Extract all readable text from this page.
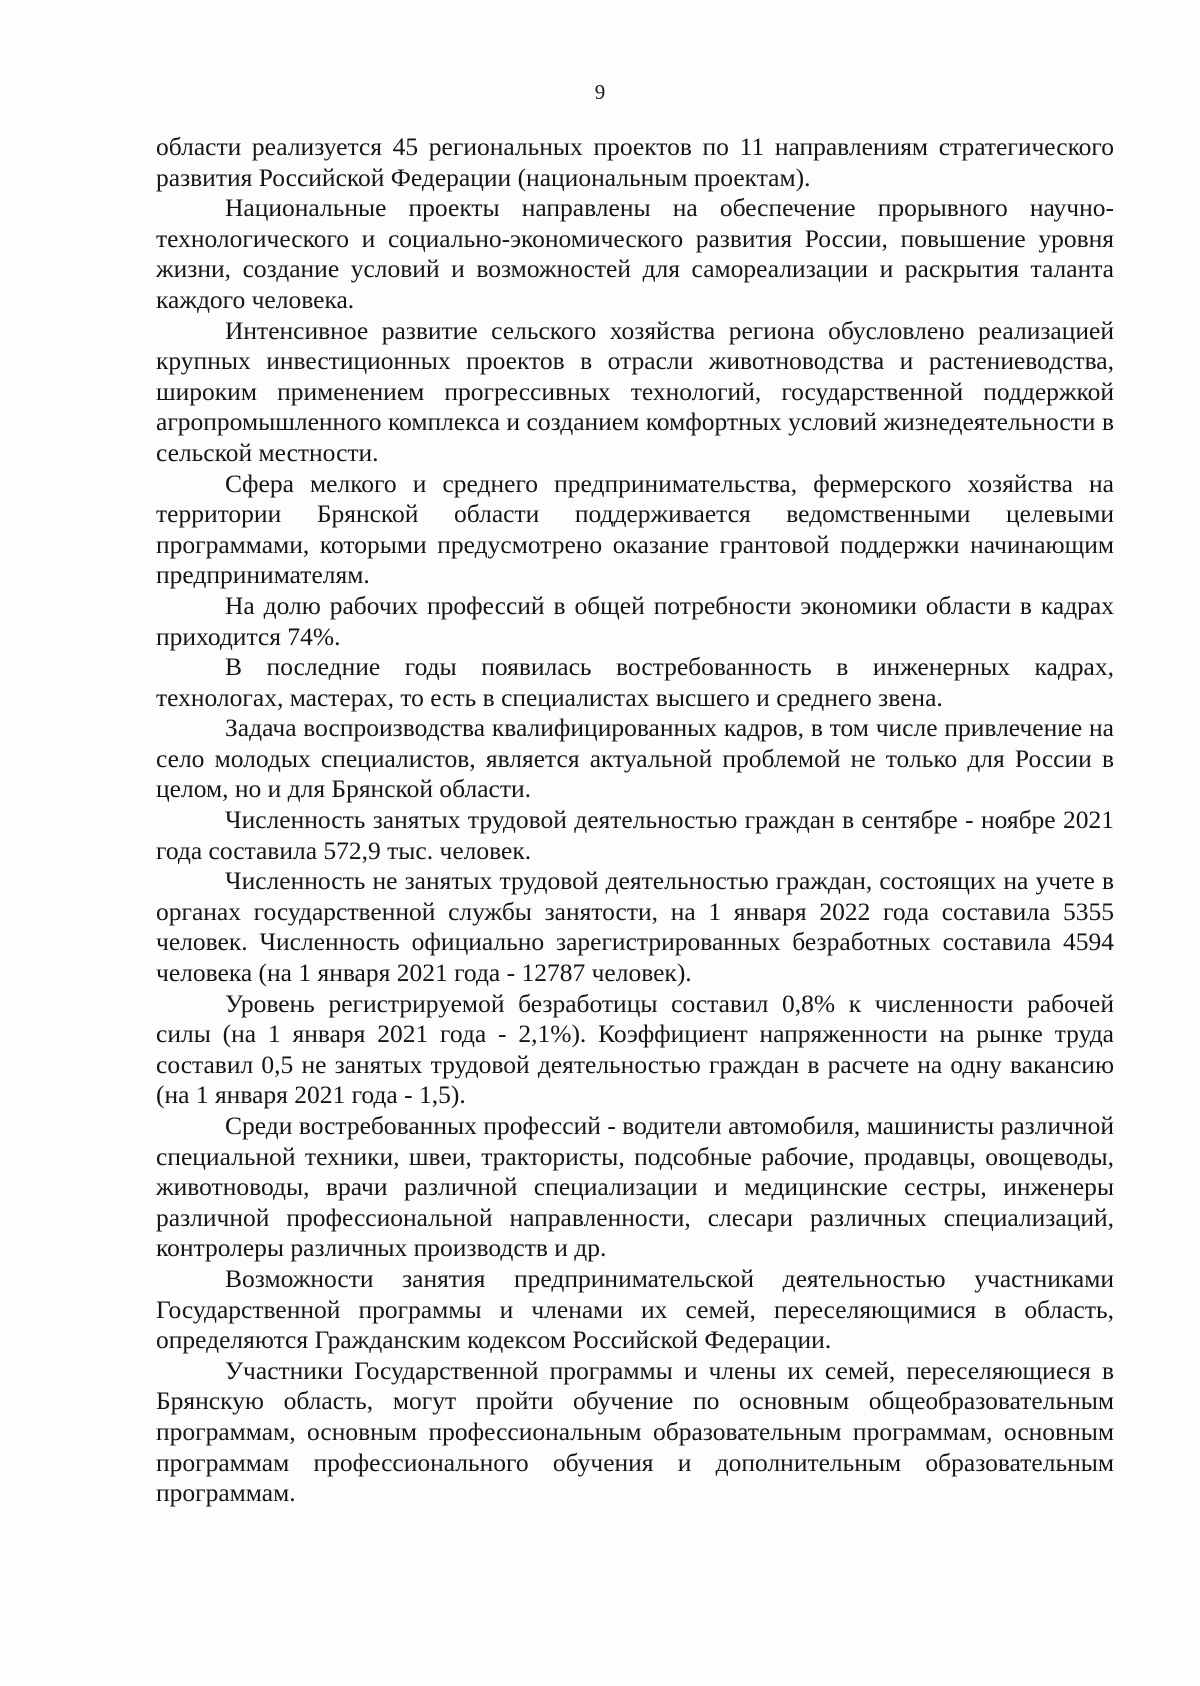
9

области реализуется 45 региональных проектов по 11 направлениям стратегического развития Российской Федерации (национальным проектам).

Национальные проекты направлены на обеспечение прорывного научно-технологического и социально-экономического развития России, повышение уровня жизни, создание условий и возможностей для самореализации и раскрытия таланта каждого человека.

Интенсивное развитие сельского хозяйства региона обусловлено реализацией крупных инвестиционных проектов в отрасли животноводства и растениеводства, широким применением прогрессивных технологий, государственной поддержкой агропромышленного комплекса и созданием комфортных условий жизнедеятельности в сельской местности.

Сфера мелкого и среднего предпринимательства, фермерского хозяйства на территории Брянской области поддерживается ведомственными целевыми программами, которыми предусмотрено оказание грантовой поддержки начинающим предпринимателям.

На долю рабочих профессий в общей потребности экономики области в кадрах приходится 74%.

В последние годы появилась востребованность в инженерных кадрах, технологах, мастерах, то есть в специалистах высшего и среднего звена.

Задача воспроизводства квалифицированных кадров, в том числе привлечение на село молодых специалистов, является актуальной проблемой не только для России в целом, но и для Брянской области.

Численность занятых трудовой деятельностью граждан в сентябре - ноябре 2021 года составила 572,9 тыс. человек.

Численность не занятых трудовой деятельностью граждан, состоящих на учете в органах государственной службы занятости, на 1 января 2022 года составила 5355 человек. Численность официально зарегистрированных безработных составила 4594 человека (на 1 января 2021 года - 12787 человек).

Уровень регистрируемой безработицы составил 0,8% к численности рабочей силы (на 1 января 2021 года - 2,1%). Коэффициент напряженности на рынке труда составил 0,5 не занятых трудовой деятельностью граждан в расчете на одну вакансию (на 1 января 2021 года - 1,5).

Среди востребованных профессий - водители автомобиля, машинисты различной специальной техники, швеи, трактористы, подсобные рабочие, продавцы, овощеводы, животноводы, врачи различной специализации и медицинские сестры, инженеры различной профессиональной направленности, слесари различных специализаций, контролеры различных производств и др.

Возможности занятия предпринимательской деятельностью участниками Государственной программы и членами их семей, переселяющимися в область, определяются Гражданским кодексом Российской Федерации.

Участники Государственной программы и члены их семей, переселяющиеся в Брянскую область, могут пройти обучение по основным общеобразовательным программам, основным профессиональным образовательным программам, основным программам профессионального обучения и дополнительным образовательным программам.
